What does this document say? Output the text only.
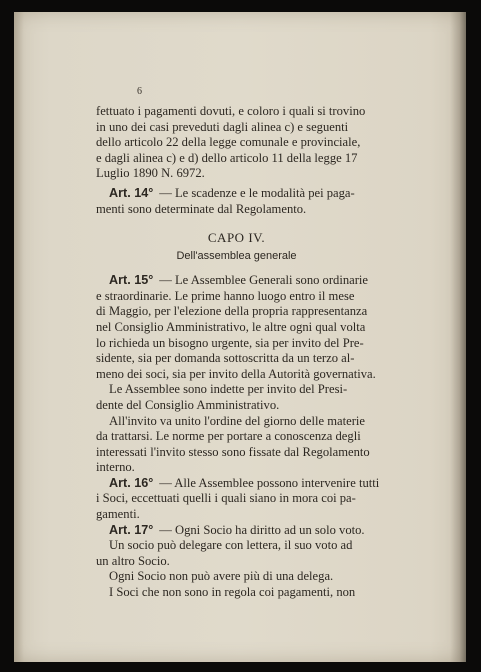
6
fettuato i pagamenti dovuti, e coloro i quali si trovino
in uno dei casi preveduti dagli alinea c) e seguenti
dello articolo 22 della legge comunale e provinciale,
e dagli alinea c) e d) dello articolo 11 della legge 17
Luglio 1890 N. 6972.
Art. 14° — Le scadenze e le modalità pei paga-
menti sono determinate dal Regolamento.
CAPO IV.
Dell'assemblea generale
Art. 15° — Le Assemblee Generali sono ordinarie
e straordinarie. Le prime hanno luogo entro il mese
di Maggio, per l'elezione della propria rappresentanza
nel Consiglio Amministrativo, le altre ogni qual volta
lo richieda un bisogno urgente, sia per invito del Pre-
sidente, sia per domanda sottoscritta da un terzo al-
meno dei soci, sia per invito della Autorità governativa.
Le Assemblee sono indette per invito del Presi-
dente del Consiglio Amministrativo.
All'invito va unito l'ordine del giorno delle materie
da trattarsi. Le norme per portare a conoscenza degli
interessati l'invito stesso sono fissate dal Regolamento
interno.
Art. 16° — Alle Assemblee possono intervenire tutti
i Soci, eccettuati quelli i quali siano in mora coi pa-
gamenti.
Art. 17° — Ogni Socio ha diritto ad un solo voto.
Un socio può delegare con lettera, il suo voto ad
un altro Socio.
Ogni Socio non può avere più di una delega.
I Soci che non sono in regola coi pagamenti, non
